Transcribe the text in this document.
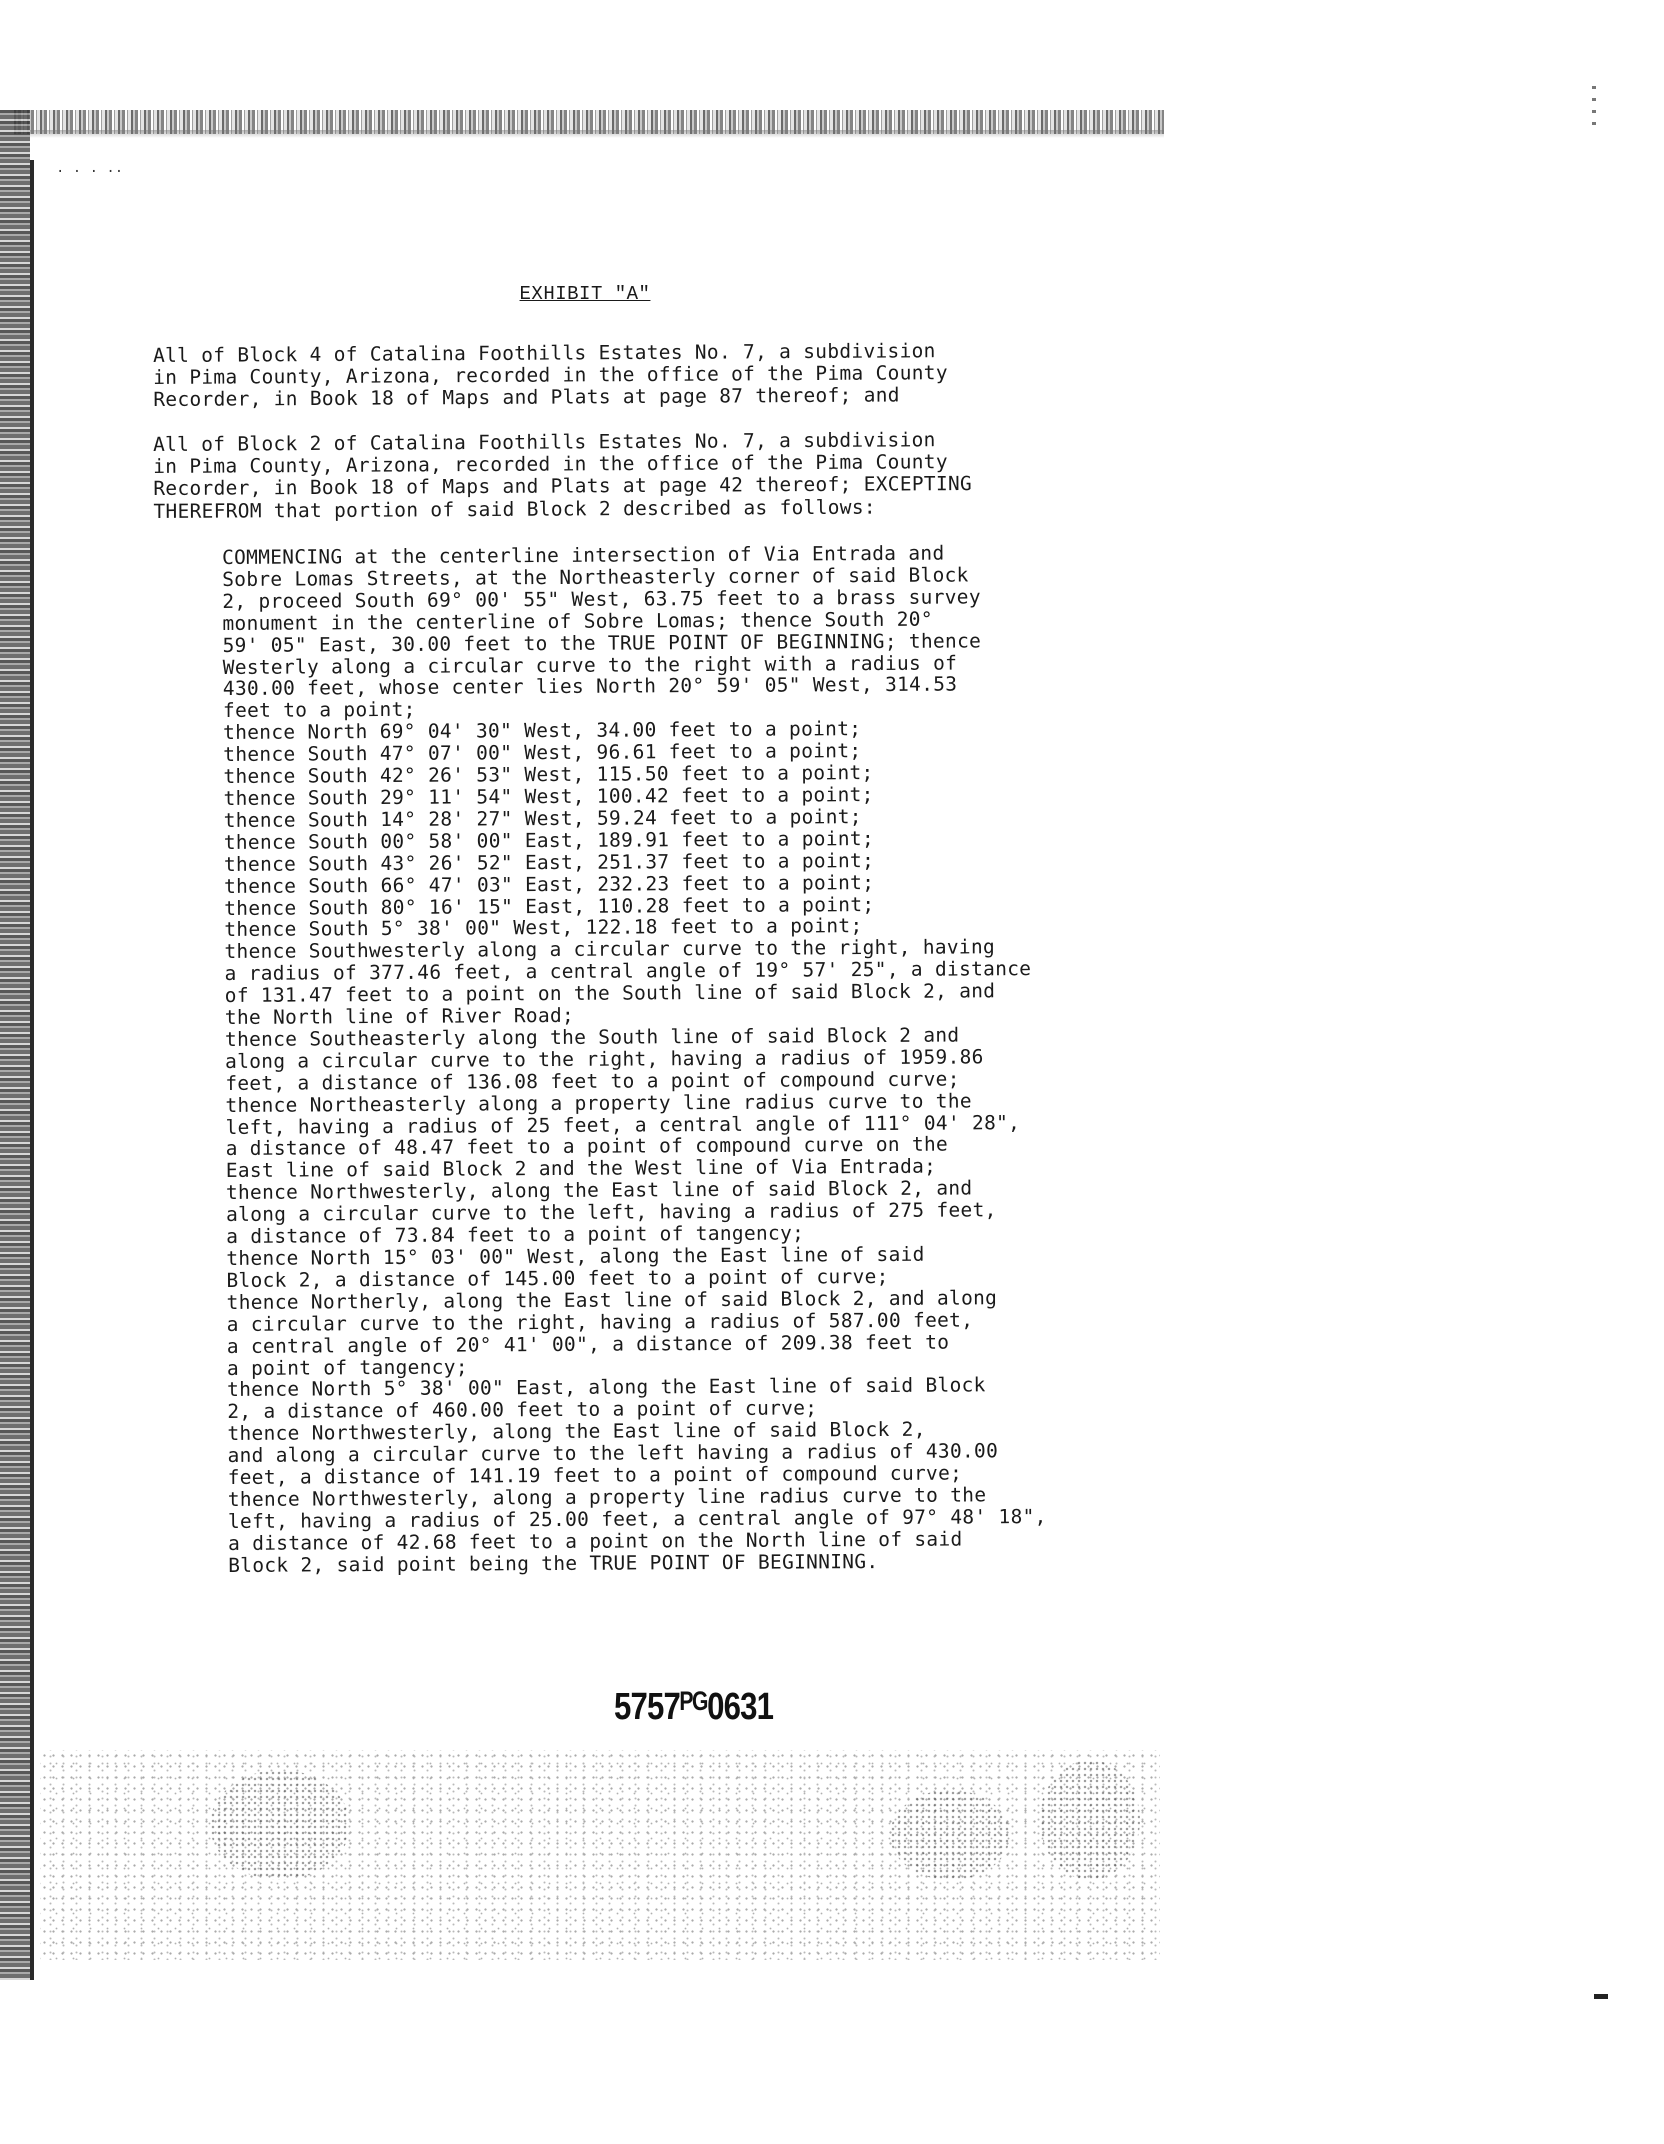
· · · ··
EXHIBIT "A"
All of Block 4 of Catalina Foothills Estates No. 7, a subdivision
in Pima County, Arizona, recorded in the office of the Pima County
Recorder, in Book 18 of Maps and Plats at page 87 thereof; and
All of Block 2 of Catalina Foothills Estates No. 7, a subdivision
in Pima County, Arizona, recorded in the office of the Pima County
Recorder, in Book 18 of Maps and Plats at page 42 thereof; EXCEPTING
THEREFROM that portion of said Block 2 described as follows:
COMMENCING at the centerline intersection of Via Entrada and
Sobre Lomas Streets, at the Northeasterly corner of said Block
2, proceed South 69° 00' 55" West, 63.75 feet to a brass survey
monument in the centerline of Sobre Lomas; thence South 20°
59' 05" East, 30.00 feet to the TRUE POINT OF BEGINNING; thence
Westerly along a circular curve to the right with a radius of
430.00 feet, whose center lies North 20° 59' 05" West, 314.53
feet to a point;
thence North 69° 04' 30" West, 34.00 feet to a point;
thence South 47° 07' 00" West, 96.61 feet to a point;
thence South 42° 26' 53" West, 115.50 feet to a point;
thence South 29° 11' 54" West, 100.42 feet to a point;
thence South 14° 28' 27" West, 59.24 feet to a point;
thence South 00° 58' 00" East, 189.91 feet to a point;
thence South 43° 26' 52" East, 251.37 feet to a point;
thence South 66° 47' 03" East, 232.23 feet to a point;
thence South 80° 16' 15" East, 110.28 feet to a point;
thence South 5° 38' 00" West, 122.18 feet to a point;
thence Southwesterly along a circular curve to the right, having
a radius of 377.46 feet, a central angle of 19° 57' 25", a distance
of 131.47 feet to a point on the South line of said Block 2, and
the North line of River Road;
thence Southeasterly along the South line of said Block 2 and
along a circular curve to the right, having a radius of 1959.86
feet, a distance of 136.08 feet to a point of compound curve;
thence Northeasterly along a property line radius curve to the
left, having a radius of 25 feet, a central angle of 111° 04' 28",
a distance of 48.47 feet to a point of compound curve on the
East line of said Block 2 and the West line of Via Entrada;
thence Northwesterly, along the East line of said Block 2, and
along a circular curve to the left, having a radius of 275 feet,
a distance of 73.84 feet to a point of tangency;
thence North 15° 03' 00" West, along the East line of said
Block 2, a distance of 145.00 feet to a point of curve;
thence Northerly, along the East line of said Block 2, and along
a circular curve to the right, having a radius of 587.00 feet,
a central angle of 20° 41' 00", a distance of 209.38 feet to
a point of tangency;
thence North 5° 38' 00" East, along the East line of said Block
2, a distance of 460.00 feet to a point of curve;
thence Northwesterly, along the East line of said Block 2,
and along a circular curve to the left having a radius of 430.00
feet, a distance of 141.19 feet to a point of compound curve;
thence Northwesterly, along a property line radius curve to the
left, having a radius of 25.00 feet, a central angle of 97° 48' 18",
a distance of 42.68 feet to a point on the North line of said
Block 2, said point being the TRUE POINT OF BEGINNING.
5757ᴾᴳ0631
